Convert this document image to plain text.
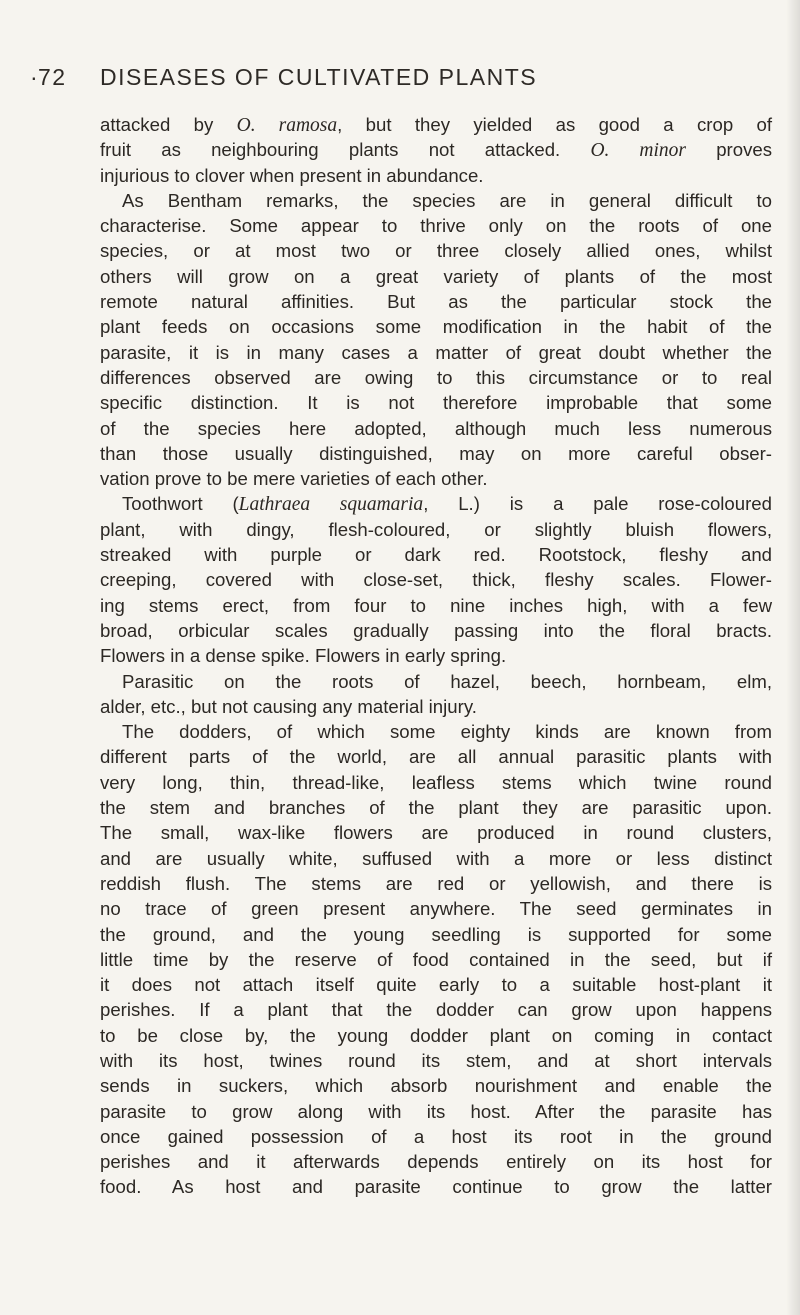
·
72 DISEASES OF CULTIVATED PLANTS
attacked by O. ramosa, but they yielded as good a crop of
fruit as neighbouring plants not attacked. O. minor proves
injurious to clover when present in abundance.
As Bentham remarks, the species are in general difficult to
characterise. Some appear to thrive only on the roots of one
species, or at most two or three closely allied ones, whilst
others will grow on a great variety of plants of the most
remote natural affinities. But as the particular stock the
plant feeds on occasions some modification in the habit of the
parasite, it is in many cases a matter of great doubt whether the
differences observed are owing to this circumstance or to real
specific distinction. It is not therefore improbable that some
of the species here adopted, although much less numerous
than those usually distinguished, may on more careful obser-
vation prove to be mere varieties of each other.
Toothwort (Lathraea squamaria, L.) is a pale rose-coloured
plant, with dingy, flesh-coloured, or slightly bluish flowers,
streaked with purple or dark red. Rootstock, fleshy and
creeping, covered with close-set, thick, fleshy scales. Flower-
ing stems erect, from four to nine inches high, with a few
broad, orbicular scales gradually passing into the floral bracts.
Flowers in a dense spike. Flowers in early spring.
Parasitic on the roots of hazel, beech, hornbeam, elm,
alder, etc., but not causing any material injury.
The dodders, of which some eighty kinds are known from
different parts of the world, are all annual parasitic plants with
very long, thin, thread-like, leafless stems which twine round
the stem and branches of the plant they are parasitic upon.
The small, wax-like flowers are produced in round clusters,
and are usually white, suffused with a more or less distinct
reddish flush. The stems are red or yellowish, and there is
no trace of green present anywhere. The seed germinates in
the ground, and the young seedling is supported for some
little time by the reserve of food contained in the seed, but if
it does not attach itself quite early to a suitable host-plant it
perishes. If a plant that the dodder can grow upon happens
to be close by, the young dodder plant on coming in contact
with its host, twines round its stem, and at short intervals
sends in suckers, which absorb nourishment and enable the
parasite to grow along with its host. After the parasite has
once gained possession of a host its root in the ground
perishes and it afterwards depends entirely on its host for
food. As host and parasite continue to grow the latter
